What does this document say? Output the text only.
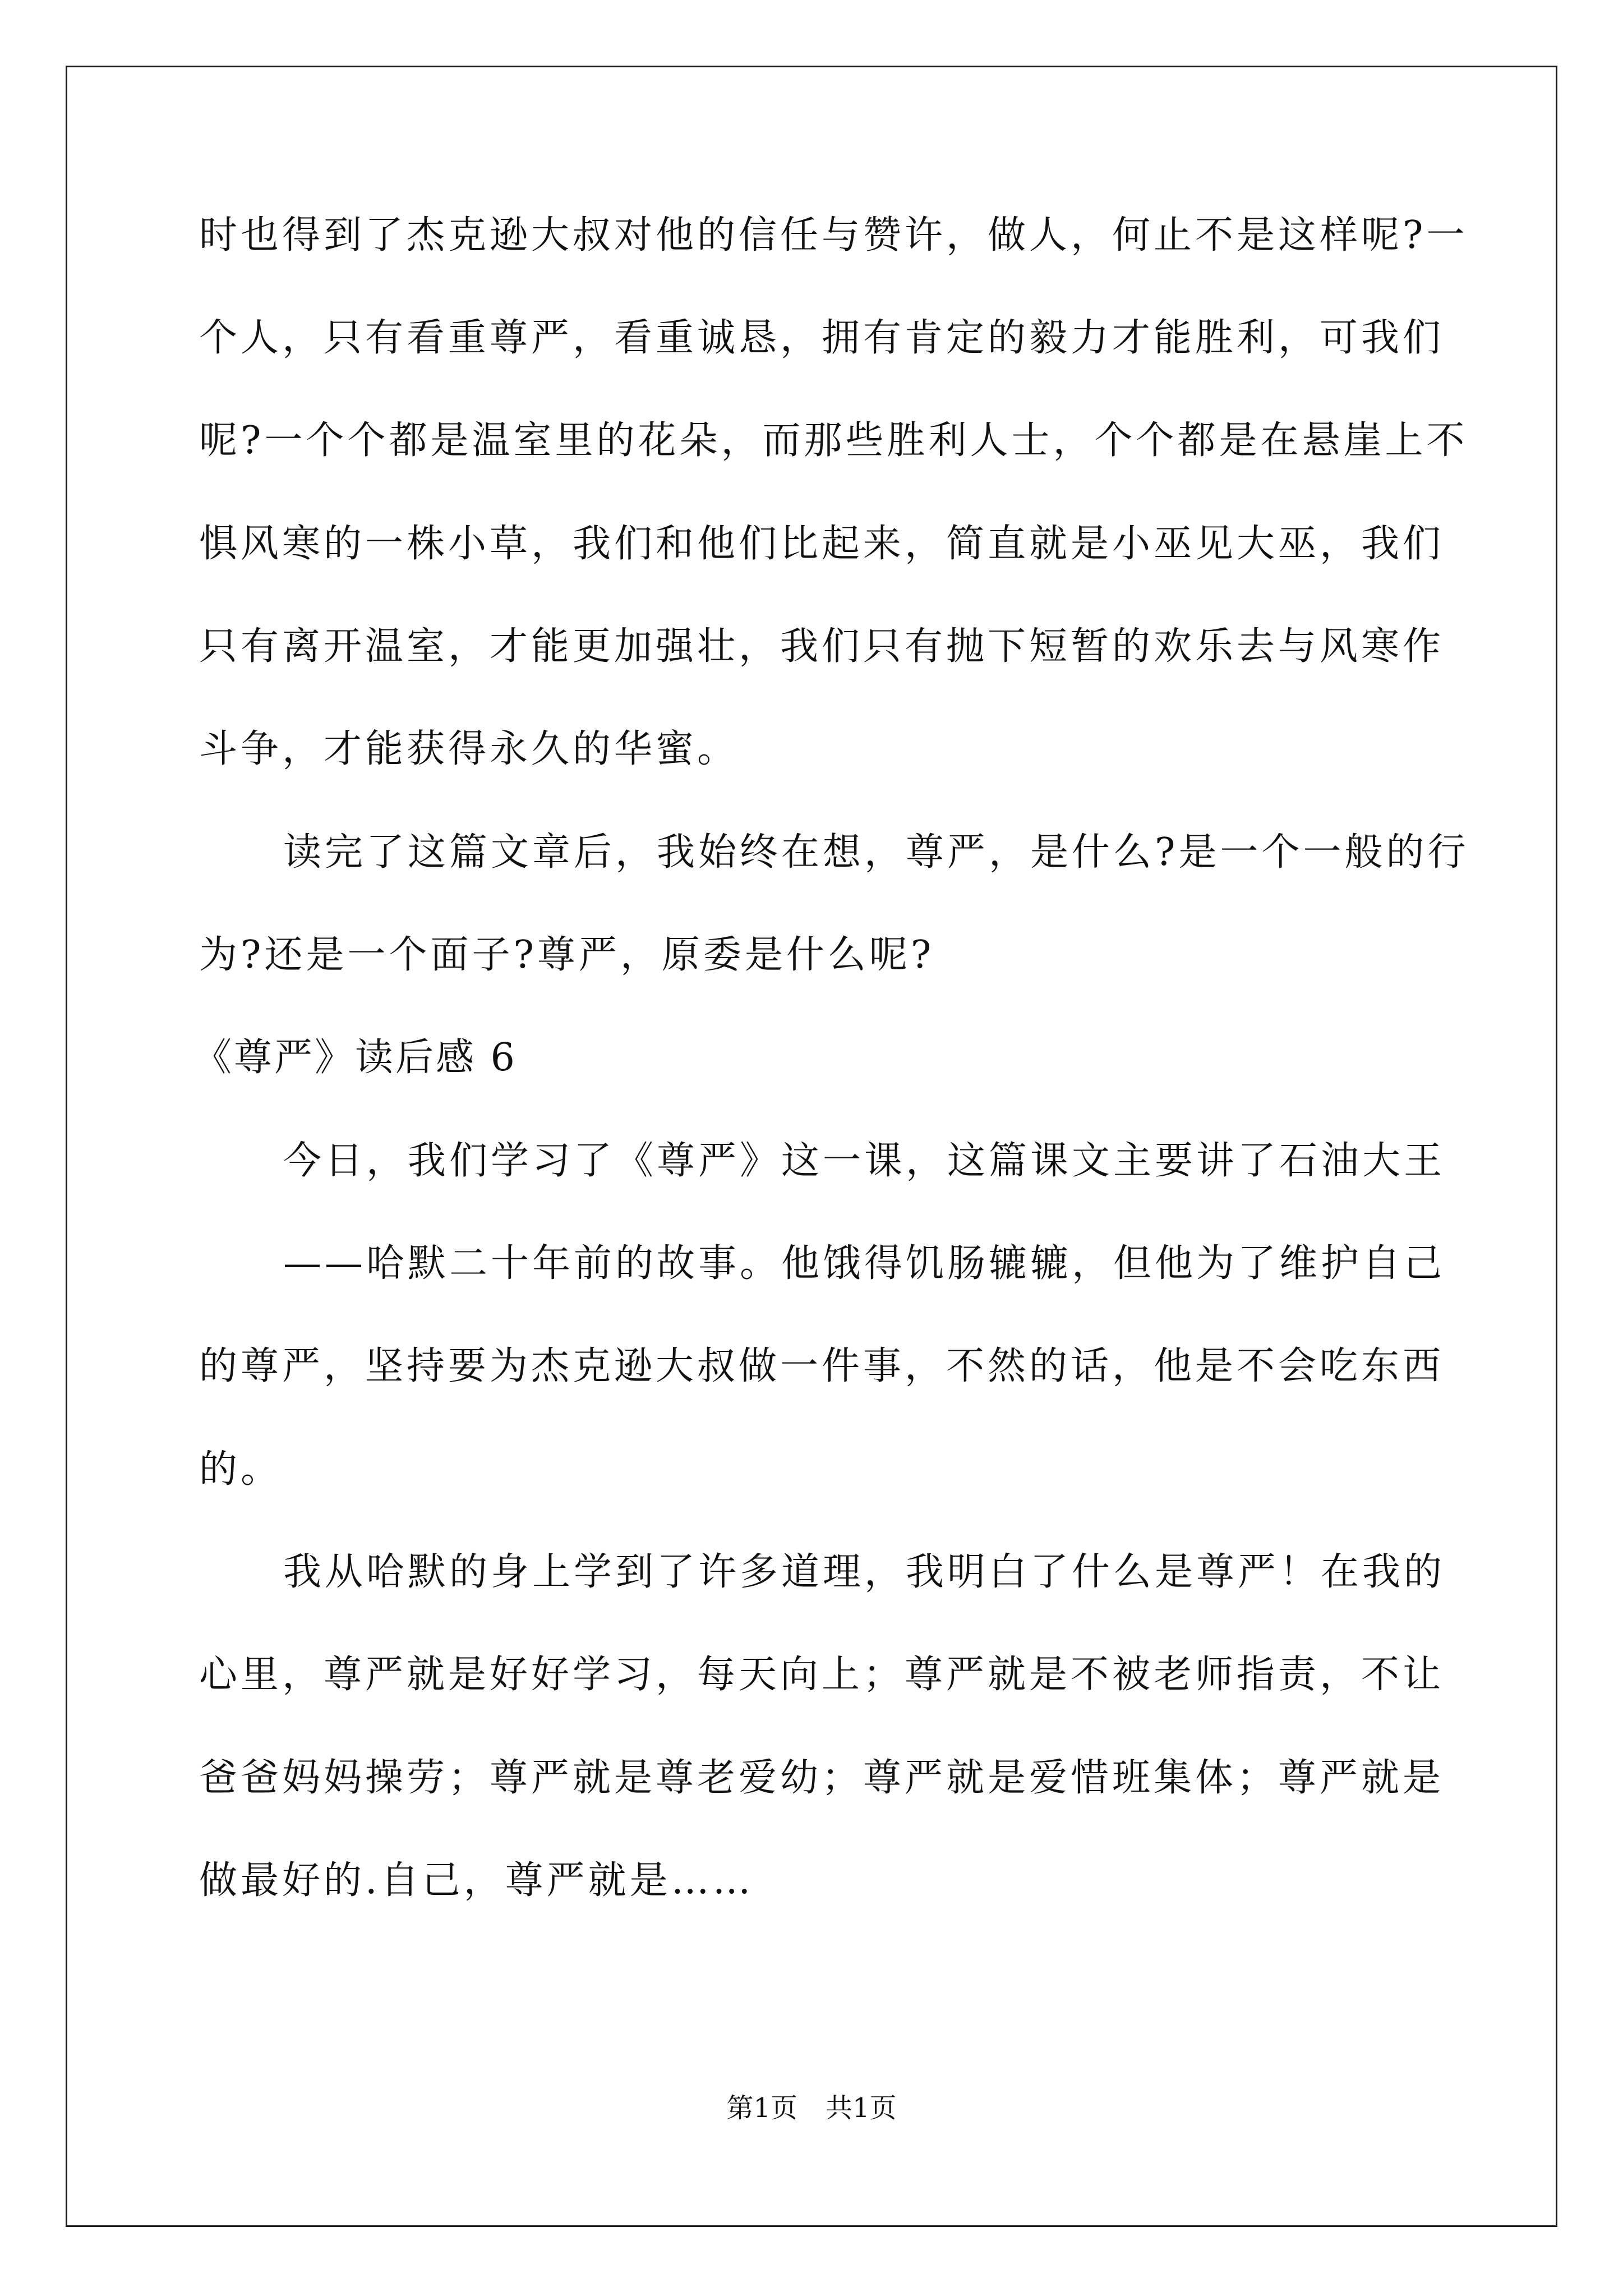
时也得到了杰克逊大叔对他的信任与赞许，做人，何止不是这样呢?一
个人，只有看重尊严，看重诚恳，拥有肯定的毅力才能胜利，可我们
呢?一个个都是温室里的花朵，而那些胜利人士，个个都是在悬崖上不
惧风寒的一株小草，我们和他们比起来，简直就是小巫见大巫，我们
只有离开温室，才能更加强壮，我们只有抛下短暂的欢乐去与风寒作
斗争，才能获得永久的华蜜。
读完了这篇文章后，我始终在想，尊严，是什么?是一个一般的行
为?还是一个面子?尊严，原委是什么呢?
《尊严》读后感 6
今日，我们学习了《尊严》这一课，这篇课文主要讲了石油大王
——哈默二十年前的故事。他饿得饥肠辘辘，但他为了维护自己
的尊严，坚持要为杰克逊大叔做一件事，不然的话，他是不会吃东西
的。
我从哈默的身上学到了许多道理，我明白了什么是尊严！在我的
心里，尊严就是好好学习，每天向上；尊严就是不被老师指责，不让
爸爸妈妈操劳；尊严就是尊老爱幼；尊严就是爱惜班集体；尊严就是
做最好的.自己，尊严就是……
第1页 共1页
